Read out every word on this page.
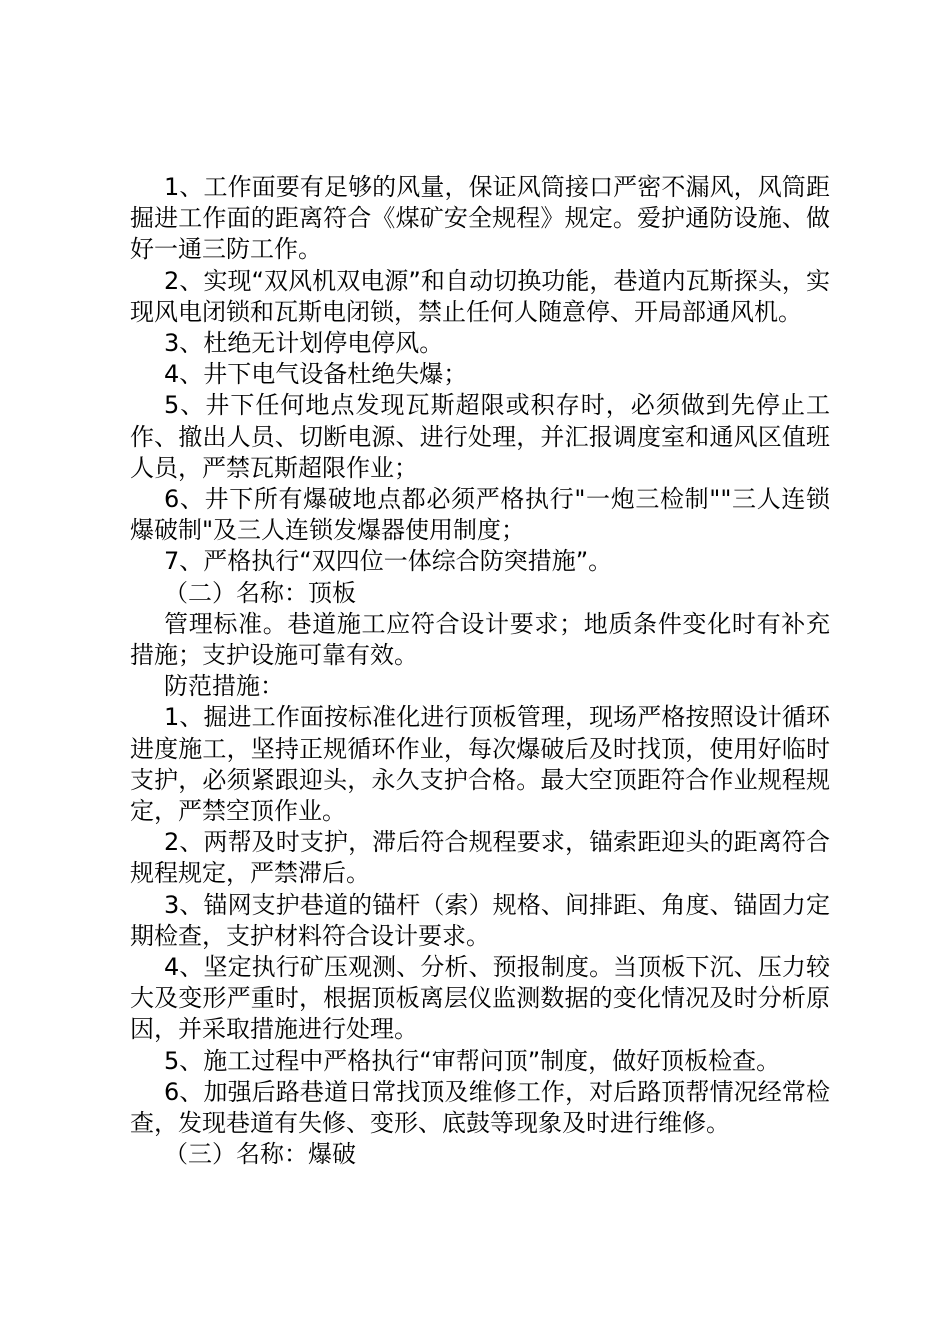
1、工作面要有足够的风量，保证风筒接口严密不漏风，风筒距掘进工作面的距离符合《煤矿安全规程》规定。爱护通防设施、做好一通三防工作。

2、实现“双风机双电源”和自动切换功能，巷道内瓦斯探头，实现风电闭锁和瓦斯电闭锁，禁止任何人随意停、开局部通风机。

3、杜绝无计划停电停风。

4、井下电气设备杜绝失爆；

5、井下任何地点发现瓦斯超限或积存时，必须做到先停止工作、撤出人员、切断电源、进行处理，并汇报调度室和通风区值班人员，严禁瓦斯超限作业；

6、井下所有爆破地点都必须严格执行"一炮三检制""三人连锁爆破制"及三人连锁发爆器使用制度；

7、严格执行“双四位一体综合防突措施”。

（二）名称：顶板

管理标准。巷道施工应符合设计要求；地质条件变化时有补充措施；支护设施可靠有效。

防范措施：

1、掘进工作面按标准化进行顶板管理，现场严格按照设计循环进度施工，坚持正规循环作业，每次爆破后及时找顶，使用好临时支护，必须紧跟迎头，永久支护合格。最大空顶距符合作业规程规定，严禁空顶作业。

2、两帮及时支护，滞后符合规程要求，锚索距迎头的距离符合规程规定，严禁滞后。

3、锚网支护巷道的锚杆（索）规格、间排距、角度、锚固力定期检查，支护材料符合设计要求。

4、坚定执行矿压观测、分析、预报制度。当顶板下沉、压力较大及变形严重时，根据顶板离层仪监测数据的变化情况及时分析原因，并采取措施进行处理。

5、施工过程中严格执行“审帮问顶”制度，做好顶板检查。

6、加强后路巷道日常找顶及维修工作，对后路顶帮情况经常检查，发现巷道有失修、变形、底鼓等现象及时进行维修。

（三）名称：爆破
